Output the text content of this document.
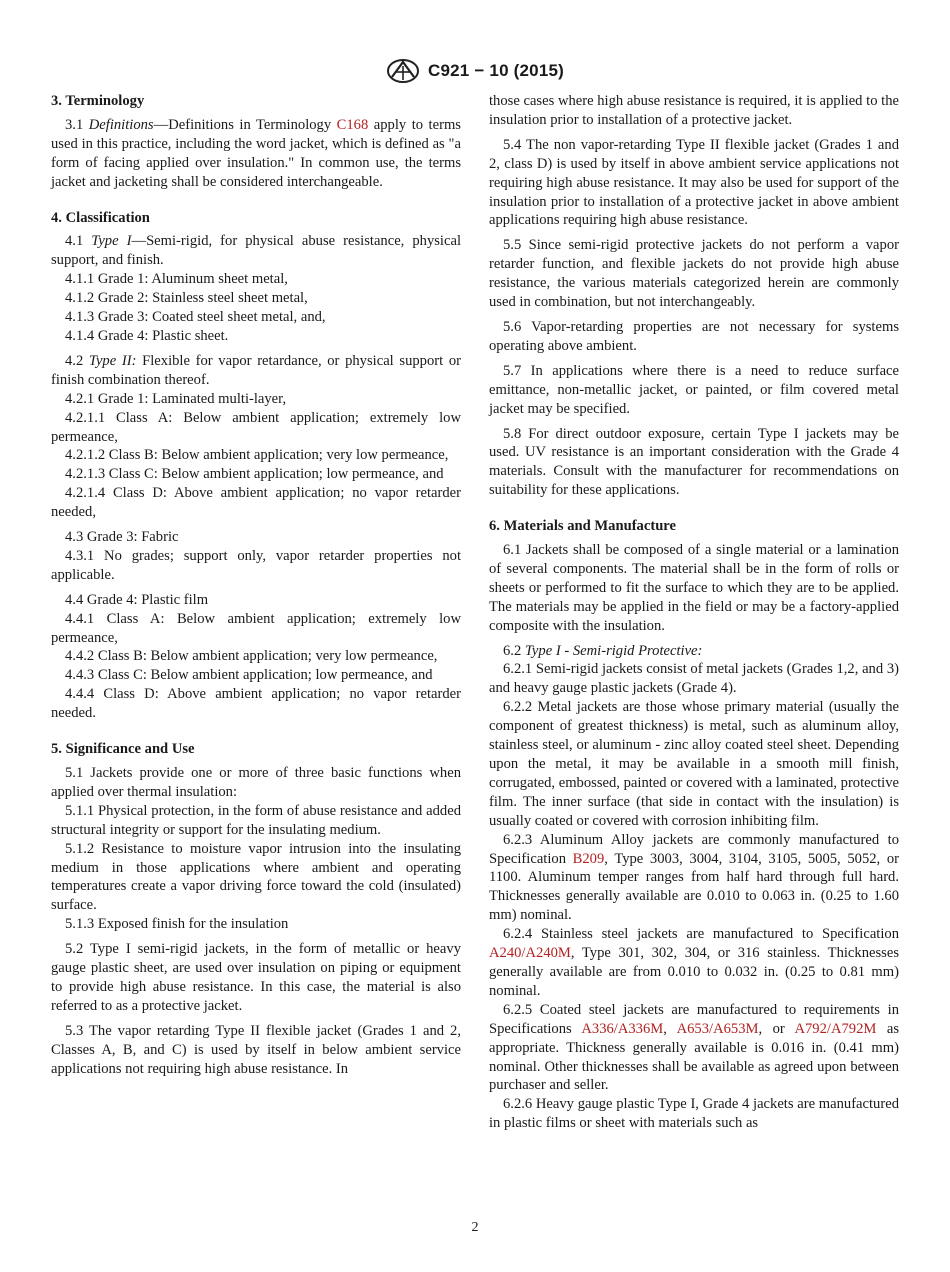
C921 − 10 (2015)
3. Terminology

3.1 Definitions—Definitions in Terminology C168 apply to terms used in this practice, including the word jacket, which is defined as "a form of facing applied over insulation." In common use, the terms jacket and jacketing shall be considered interchangeable.

4. Classification

4.1 Type I—Semi-rigid, for physical abuse resistance, physical support, and finish.

4.1.1 Grade 1: Aluminum sheet metal,

4.1.2 Grade 2: Stainless steel sheet metal,

4.1.3 Grade 3: Coated steel sheet metal, and,

4.1.4 Grade 4: Plastic sheet.

4.2 Type II: Flexible for vapor retardance, or physical support or finish combination thereof.

4.2.1 Grade 1: Laminated multi-layer,

4.2.1.1 Class A: Below ambient application; extremely low permeance,

4.2.1.2 Class B: Below ambient application; very low permeance,

4.2.1.3 Class C: Below ambient application; low permeance, and

4.2.1.4 Class D: Above ambient application; no vapor retarder needed,

4.3 Grade 3: Fabric

4.3.1 No grades; support only, vapor retarder properties not applicable.

4.4 Grade 4: Plastic film

4.4.1 Class A: Below ambient application; extremely low permeance,

4.4.2 Class B: Below ambient application; very low permeance,

4.4.3 Class C: Below ambient application; low permeance, and

4.4.4 Class D: Above ambient application; no vapor retarder needed.

5. Significance and Use

5.1 Jackets provide one or more of three basic functions when applied over thermal insulation:

5.1.1 Physical protection, in the form of abuse resistance and added structural integrity or support for the insulating medium.

5.1.2 Resistance to moisture vapor intrusion into the insulating medium in those applications where ambient and operating temperatures create a vapor driving force toward the cold (insulated) surface.

5.1.3 Exposed finish for the insulation

5.2 Type I semi-rigid jackets, in the form of metallic or heavy gauge plastic sheet, are used over insulation on piping or equipment to provide high abuse resistance. In this case, the material is also referred to as a protective jacket.

5.3 The vapor retarding Type II flexible jacket (Grades 1 and 2, Classes A, B, and C) is used by itself in below ambient service applications not requiring high abuse resistance. In

those cases where high abuse resistance is required, it is applied to the insulation prior to installation of a protective jacket.

5.4 The non vapor-retarding Type II flexible jacket (Grades 1 and 2, class D) is used by itself in above ambient service applications not requiring high abuse resistance. It may also be used for support of the insulation prior to installation of a protective jacket in above ambient applications requiring high abuse resistance.

5.5 Since semi-rigid protective jackets do not perform a vapor retarder function, and flexible jackets do not provide high abuse resistance, the various materials categorized herein are commonly used in combination, but not interchangeably.

5.6 Vapor-retarding properties are not necessary for systems operating above ambient.

5.7 In applications where there is a need to reduce surface emittance, non-metallic jacket, or painted, or film covered metal jacket may be specified.

5.8 For direct outdoor exposure, certain Type I jackets may be used. UV resistance is an important consideration with the Grade 4 materials. Consult with the manufacturer for recommendations on suitability for these applications.

6. Materials and Manufacture

6.1 Jackets shall be composed of a single material or a lamination of several components. The material shall be in the form of rolls or sheets or performed to fit the surface to which they are to be applied. The materials may be applied in the field or may be a factory-applied composite with the insulation.

6.2 Type I - Semi-rigid Protective:

6.2.1 Semi-rigid jackets consist of metal jackets (Grades 1,2, and 3) and heavy gauge plastic jackets (Grade 4).

6.2.2 Metal jackets are those whose primary material (usually the component of greatest thickness) is metal, such as aluminum alloy, stainless steel, or aluminum - zinc alloy coated steel sheet. Depending upon the metal, it may be available in a smooth mill finish, corrugated, embossed, painted or covered with a laminated, protective film. The inner surface (that side in contact with the insulation) is usually coated or covered with corrosion inhibiting film.

6.2.3 Aluminum Alloy jackets are commonly manufactured to Specification B209, Type 3003, 3004, 3104, 3105, 5005, 5052, or 1100. Aluminum temper ranges from half hard through full hard. Thicknesses generally available are 0.010 to 0.063 in. (0.25 to 1.60 mm) nominal.

6.2.4 Stainless steel jackets are manufactured to Specification A240/A240M, Type 301, 302, 304, or 316 stainless. Thicknesses generally available are from 0.010 to 0.032 in. (0.25 to 0.81 mm) nominal.

6.2.5 Coated steel jackets are manufactured to requirements in Specifications A336/A336M, A653/A653M, or A792/A792M as appropriate. Thickness generally available is 0.016 in. (0.41 mm) nominal. Other thicknesses shall be available as agreed upon between purchaser and seller.

6.2.6 Heavy gauge plastic Type I, Grade 4 jackets are manufactured in plastic films or sheet with materials such as

2
